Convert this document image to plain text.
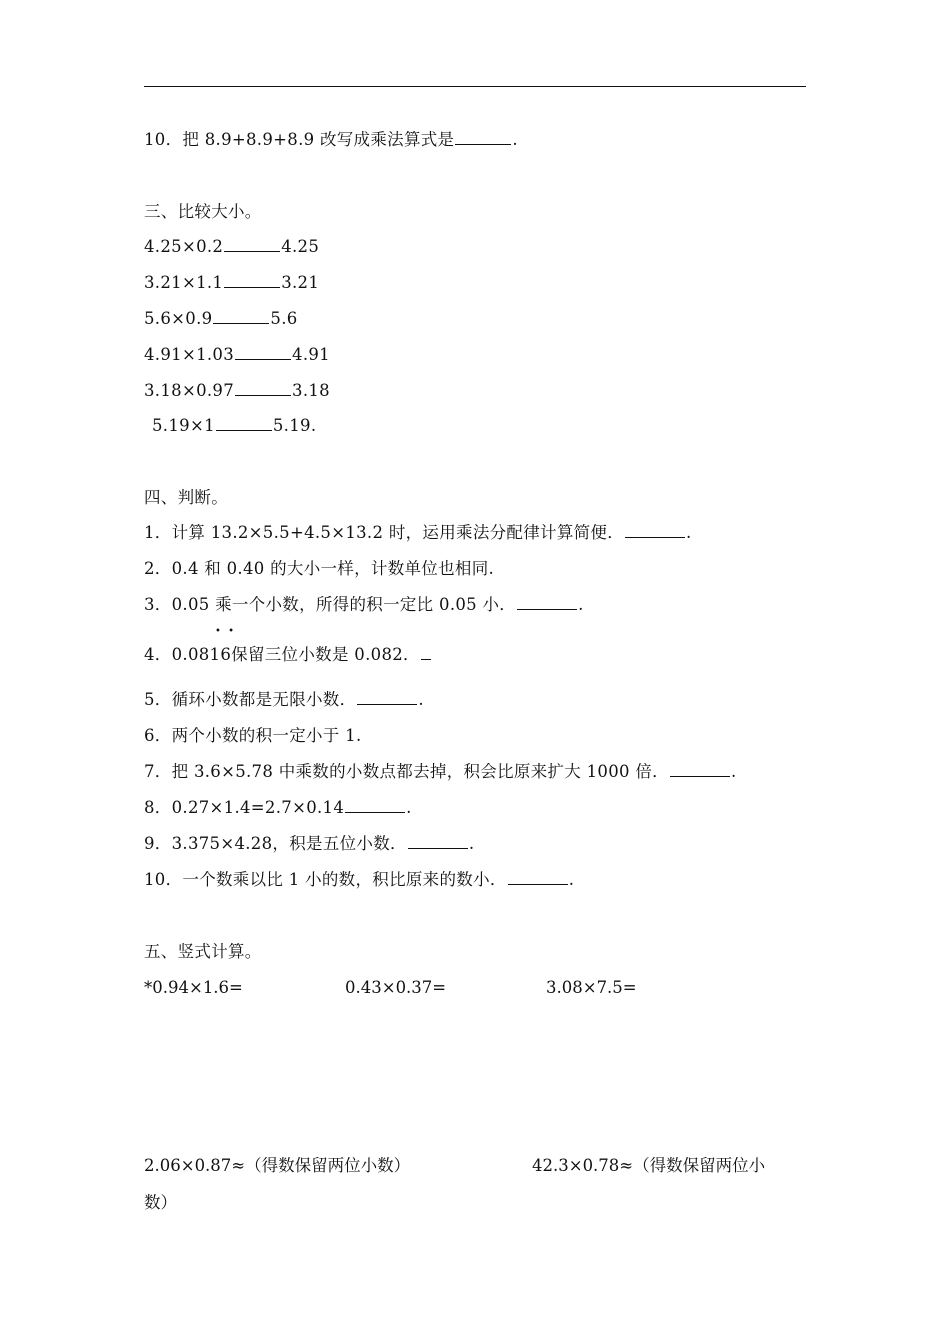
10．把 8.9+8.9+8.9 改写成乘法算式是	.
三、比较大小。
4.25×0.2	4.25
3.21×1.1	3.21
5.6×0.9	5.6
4.91×1.03	4.91
3.18×0.97	3.18
5.19×1	5.19.
四、判断。
1．计算 13.2×5.5+4.5×13.2 时，运用乘法分配律计算简便．	.
2．0.4 和 0.40 的大小一样，计数单位也相同.
3．0.05 乘一个小数，所得的积一定比 0.05 小．	.
• •
4．0.0816保留三位小数是 0.082．
5．循环小数都是无限小数．	.
6．两个小数的积一定小于 1.
7．把 3.6×5.78 中乘数的小数点都去掉，积会比原来扩大 1000 倍．	.
8．0.27×1.4=2.7×0.14	.
9．3.375×4.28，积是五位小数．	.
10．一个数乘以比 1 小的数，积比原来的数小．	.
五、竖式计算。
*0.94×1.6=	0.43×0.37=	3.08×7.5=
2.06×0.87≈（得数保留两位小数）	42.3×0.78≈（得数保留两位小
数）
